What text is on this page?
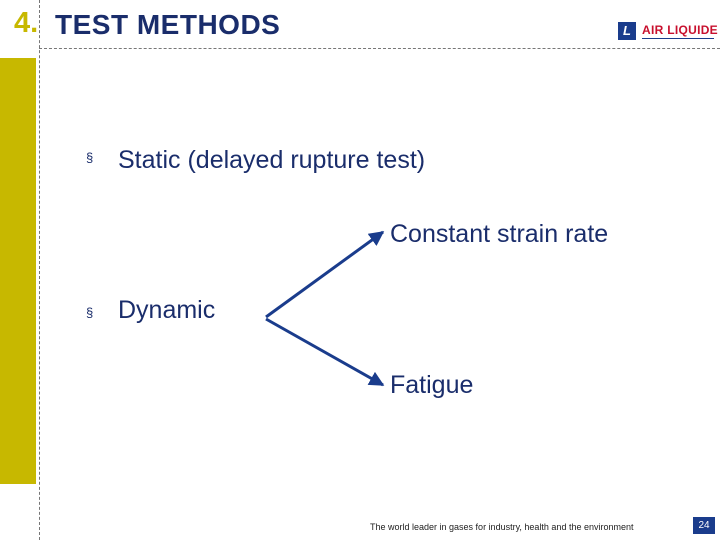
4. TEST METHODS	L AIR LIQUIDE
§ Static (delayed rupture test)
§ Dynamic
Constant strain rate
Fatigue
The world leader in gases for industry, health and the environment	24
